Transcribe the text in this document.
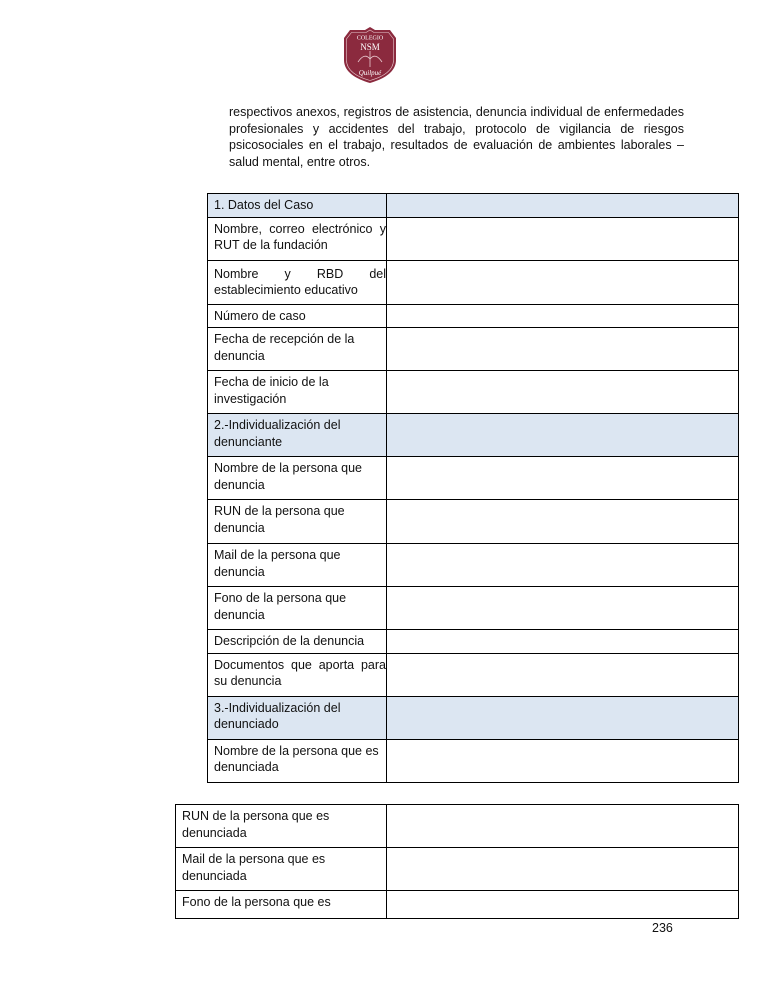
COLEGIO
NSM
Quilpué

respectivos anexos, registros de asistencia, denuncia individual de enfermedades profesionales y accidentes del trabajo, protocolo de vigilancia de riesgos psicosociales en el trabajo, resultados de evaluación de ambientes laborales – salud mental, entre otros.

1. Datos del Caso	
Nombre, correo electrónico y RUT de la fundación	
Nombre y RBD del establecimiento educativo	
Número de caso	
Fecha de recepción de la denuncia	
Fecha de inicio de la investigación	
2.-Individualización del denunciante	
Nombre de la persona que denuncia	
RUN de la persona que denuncia	
Mail de la persona que denuncia	
Fono de la persona que denuncia	
Descripción de la denuncia	
Documentos que aporta para su denuncia	
3.-Individualización del denunciado	
Nombre de la persona que es denunciada	
RUN de la persona que es denunciada	
Mail de la persona que es denunciada	
Fono de la persona que es	
236
